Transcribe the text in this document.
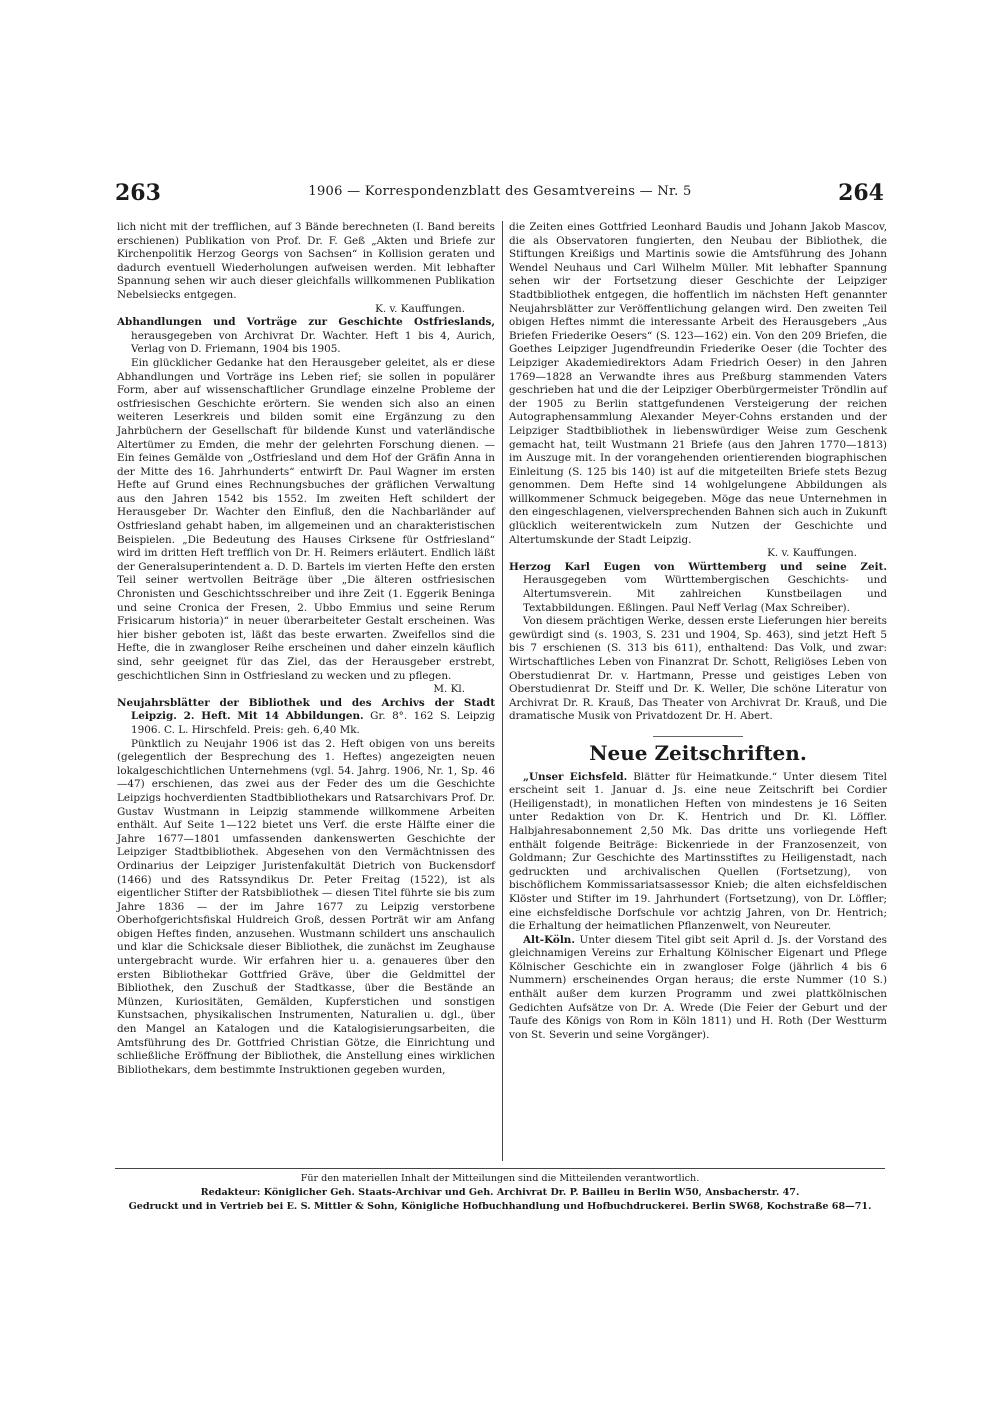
263	1906 — Korrespondenzblatt des Gesamtvereins — Nr. 5	264

lich nicht mit der trefflichen, auf 3 Bände berechneten (I. Band bereits erschienen) Publikation von Prof. Dr. F. Geß „Akten und Briefe zur Kirchenpolitik Herzog Georgs von Sachsen“ in Kollision geraten und dadurch eventuell Wiederholungen aufweisen werden. Mit lebhafter Spannung sehen wir auch dieser gleichfalls willkommenen Publikation Nebelsiecks entgegen.

K. v. Kauffungen.

Abhandlungen und Vorträge zur Geschichte Ostfrieslands, herausgegeben von Archivrat Dr. Wachter. Heft 1 bis 4, Aurich, Verlag von D. Friemann, 1904 bis 1905.

Ein glücklicher Gedanke hat den Herausgeber geleitet, als er diese Abhandlungen und Vorträge ins Leben rief; sie sollen in populärer Form, aber auf wissenschaftlicher Grundlage einzelne Probleme der ostfriesischen Geschichte erörtern. Sie wenden sich also an einen weiteren Leserkreis und bilden somit eine Ergänzung zu den Jahrbüchern der Gesellschaft für bildende Kunst und vaterländische Altertümer zu Emden, die mehr der gelehrten Forschung dienen. — Ein feines Gemälde von „Ostfriesland und dem Hof der Gräfin Anna in der Mitte des 16. Jahrhunderts“ entwirft Dr. Paul Wagner im ersten Hefte auf Grund eines Rechnungsbuches der gräflichen Verwaltung aus den Jahren 1542 bis 1552. Im zweiten Heft schildert der Herausgeber Dr. Wachter den Einfluß, den die Nachbarländer auf Ostfriesland gehabt haben, im allgemeinen und an charakteristischen Beispielen. „Die Bedeutung des Hauses Cirksene für Ostfriesland“ wird im dritten Heft trefflich von Dr. H. Reimers erläutert. Endlich läßt der Generalsuperintendent a. D. D. Bartels im vierten Hefte den ersten Teil seiner wertvollen Beiträge über „Die älteren ostfriesischen Chronisten und Geschichtsschreiber und ihre Zeit (1. Eggerik Beninga und seine Cronica der Fresen, 2. Ubbo Emmius und seine Rerum Frisicarum historia)“ in neuer überarbeiteter Gestalt erscheinen. Was hier bisher geboten ist, läßt das beste erwarten. Zweifellos sind die Hefte, die in zwangloser Reihe erscheinen und daher einzeln käuflich sind, sehr geeignet für das Ziel, das der Herausgeber erstrebt, geschichtlichen Sinn in Ostfriesland zu wecken und zu pflegen.

M. Kl.

Neujahrsblätter der Bibliothek und des Archivs der Stadt Leipzig. 2. Heft. Mit 14 Abbildungen. Gr. 8°. 162 S. Leipzig 1906. C. L. Hirschfeld. Preis: geh. 6,40 Mk.

Pünktlich zu Neujahr 1906 ist das 2. Heft obigen von uns bereits (gelegentlich der Besprechung des 1. Heftes) angezeigten neuen lokalgeschichtlichen Unternehmens (vgl. 54. Jahrg. 1906, Nr. 1, Sp. 46—47) erschienen, das zwei aus der Feder des um die Geschichte Leipzigs hochverdienten Stadtbibliothekars und Ratsarchivars Prof. Dr. Gustav Wustmann in Leipzig stammende willkommene Arbeiten enthält. Auf Seite 1—122 bietet uns Verf. die erste Hälfte einer die Jahre 1677—1801 umfassenden dankenswerten Geschichte der Leipziger Stadtbibliothek. Abgesehen von den Vermächtnissen des Ordinarius der Leipziger Juristenfakultät Dietrich von Buckensdorf (1466) und des Ratssyndikus Dr. Peter Freitag (1522), ist als eigentlicher Stifter der Ratsbibliothek — diesen Titel führte sie bis zum Jahre 1836 — der im Jahre 1677 zu Leipzig verstorbene Oberhofgerichtsfiskal Huldreich Groß, dessen Porträt wir am Anfang obigen Heftes finden, anzusehen. Wustmann schildert uns anschaulich und klar die Schicksale dieser Bibliothek, die zunächst im Zeughause untergebracht wurde. Wir erfahren hier u. a. genaueres über den ersten Bibliothekar Gottfried Gräve, über die Geldmittel der Bibliothek, den Zuschuß der Stadtkasse, über die Bestände an Münzen, Kuriositäten, Gemälden, Kupferstichen und sonstigen Kunstsachen, physikalischen Instrumenten, Naturalien u. dgl., über den Mangel an Katalogen und die Katalogisierungsarbeiten, die Amtsführung des Dr. Gottfried Christian Götze, die Einrichtung und schließliche Eröffnung der Bibliothek, die Anstellung eines wirklichen Bibliothekars, dem bestimmte Instruktionen gegeben wurden,

die Zeiten eines Gottfried Leonhard Baudis und Johann Jakob Mascov, die als Observatoren fungierten, den Neubau der Bibliothek, die Stiftungen Kreißigs und Martinis sowie die Amtsführung des Johann Wendel Neuhaus und Carl Wilhelm Müller. Mit lebhafter Spannung sehen wir der Fortsetzung dieser Geschichte der Leipziger Stadtbibliothek entgegen, die hoffentlich im nächsten Heft genannter Neujahrsblätter zur Veröffentlichung gelangen wird. Den zweiten Teil obigen Heftes nimmt die interessante Arbeit des Herausgebers „Aus Briefen Friederike Oesers“ (S. 123—162) ein. Von den 209 Briefen, die Goethes Leipziger Jugendfreundin Friederike Oeser (die Tochter des Leipziger Akademiedirektors Adam Friedrich Oeser) in den Jahren 1769—1828 an Verwandte ihres aus Preßburg stammenden Vaters geschrieben hat und die der Leipziger Oberbürgermeister Tröndlin auf der 1905 zu Berlin stattgefundenen Versteigerung der reichen Autographensammlung Alexander Meyer-Cohns erstanden und der Leipziger Stadtbibliothek in liebenswürdiger Weise zum Geschenk gemacht hat, teilt Wustmann 21 Briefe (aus den Jahren 1770—1813) im Auszuge mit. In der vorangehenden orientierenden biographischen Einleitung (S. 125 bis 140) ist auf die mitgeteilten Briefe stets Bezug genommen. Dem Hefte sind 14 wohlgelungene Abbildungen als willkommener Schmuck beigegeben. Möge das neue Unternehmen in den eingeschlagenen, vielversprechenden Bahnen sich auch in Zukunft glücklich weiterentwickeln zum Nutzen der Geschichte und Altertumskunde der Stadt Leipzig.

K. v. Kauffungen.

Herzog Karl Eugen von Württemberg und seine Zeit. Herausgegeben vom Württembergischen Geschichts- und Altertumsverein. Mit zahlreichen Kunstbeilagen und Textabbildungen. Eßlingen. Paul Neff Verlag (Max Schreiber).

Von diesem prächtigen Werke, dessen erste Lieferungen hier bereits gewürdigt sind (s. 1903, S. 231 und 1904, Sp. 463), sind jetzt Heft 5 bis 7 erschienen (S. 313 bis 611), enthaltend: Das Volk, und zwar: Wirtschaftliches Leben von Finanzrat Dr. Schott, Religiöses Leben von Oberstudienrat Dr. v. Hartmann, Presse und geistiges Leben von Oberstudienrat Dr. Steiff und Dr. K. Weller, Die schöne Literatur von Archivrat Dr. R. Krauß, Das Theater von Archivrat Dr. Krauß, und Die dramatische Musik von Privatdozent Dr. H. Abert.

Neue Zeitschriften.

„Unser Eichsfeld. Blätter für Heimatkunde.“ Unter diesem Titel erscheint seit 1. Januar d. Js. eine neue Zeitschrift bei Cordier (Heiligenstadt), in monatlichen Heften von mindestens je 16 Seiten unter Redaktion von Dr. K. Hentrich und Dr. Kl. Löffler. Halbjahresabonnement 2,50 Mk. Das dritte uns vorliegende Heft enthält folgende Beiträge: Bickenriede in der Franzosenzeit, von Goldmann; Zur Geschichte des Martinsstiftes zu Heiligenstadt, nach gedruckten und archivalischen Quellen (Fortsetzung), von bischöflichem Kommissariatsassessor Knieb; die alten eichsfeldischen Klöster und Stifter im 19. Jahrhundert (Fortsetzung), von Dr. Löffler; eine eichsfeldische Dorfschule vor achtzig Jahren, von Dr. Hentrich; die Erhaltung der heimatlichen Pflanzenwelt, von Neureuter.

Alt-Köln. Unter diesem Titel gibt seit April d. Js. der Vorstand des gleichnamigen Vereins zur Erhaltung Kölnischer Eigenart und Pflege Kölnischer Geschichte ein in zwangloser Folge (jährlich 4 bis 6 Nummern) erscheinendes Organ heraus; die erste Nummer (10 S.) enthält außer dem kurzen Programm und zwei plattkölnischen Gedichten Aufsätze von Dr. A. Wrede (Die Feier der Geburt und der Taufe des Königs von Rom in Köln 1811) und H. Roth (Der Westturm von St. Severin und seine Vorgänger).

Für den materiellen Inhalt der Mitteilungen sind die Mitteilenden verantwortlich.
Redakteur: Königlicher Geh. Staats-Archivar und Geh. Archivrat Dr. P. Bailleu in Berlin W50, Ansbacherstr. 47.
Gedruckt und in Vertrieb bei E. S. Mittler & Sohn, Königliche Hofbuchhandlung und Hofbuchdruckerei. Berlin SW68, Kochstraße 68—71.
